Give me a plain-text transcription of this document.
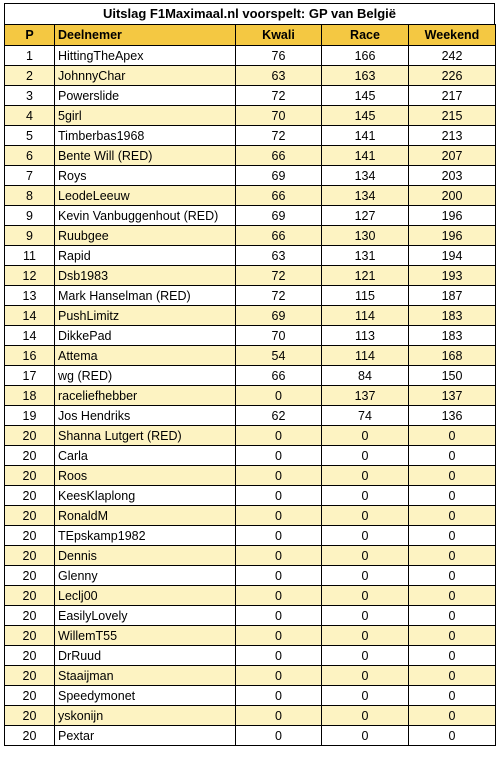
Uitslag F1Maximaal.nl voorspelt: GP van België
P	Deelnemer	Kwali	Race	Weekend
1	HittingTheApex	76	166	242
2	JohnnyChar	63	163	226
3	Powerslide	72	145	217
4	5girl	70	145	215
5	Timberbas1968	72	141	213
6	Bente Will (RED)	66	141	207
7	Roys	69	134	203
8	LeodeLeeuw	66	134	200
9	Kevin Vanbuggenhout (RED)	69	127	196
9	Ruubgee	66	130	196
11	Rapid	63	131	194
12	Dsb1983	72	121	193
13	Mark Hanselman (RED)	72	115	187
14	PushLimitz	69	114	183
14	DikkePad	70	113	183
16	Attema	54	114	168
17	wg (RED)	66	84	150
18	raceliefhebber	0	137	137
19	Jos Hendriks	62	74	136
20	Shanna Lutgert (RED)	0	0	0
20	Carla	0	0	0
20	Roos	0	0	0
20	KeesKlaplong	0	0	0
20	RonaldM	0	0	0
20	TEpskamp1982	0	0	0
20	Dennis	0	0	0
20	Glenny	0	0	0
20	Leclj00	0	0	0
20	EasilyLovely	0	0	0
20	WillemT55	0	0	0
20	DrRuud	0	0	0
20	Staaijman	0	0	0
20	Speedymonet	0	0	0
20	yskonijn	0	0	0
20	Pextar	0	0	0
